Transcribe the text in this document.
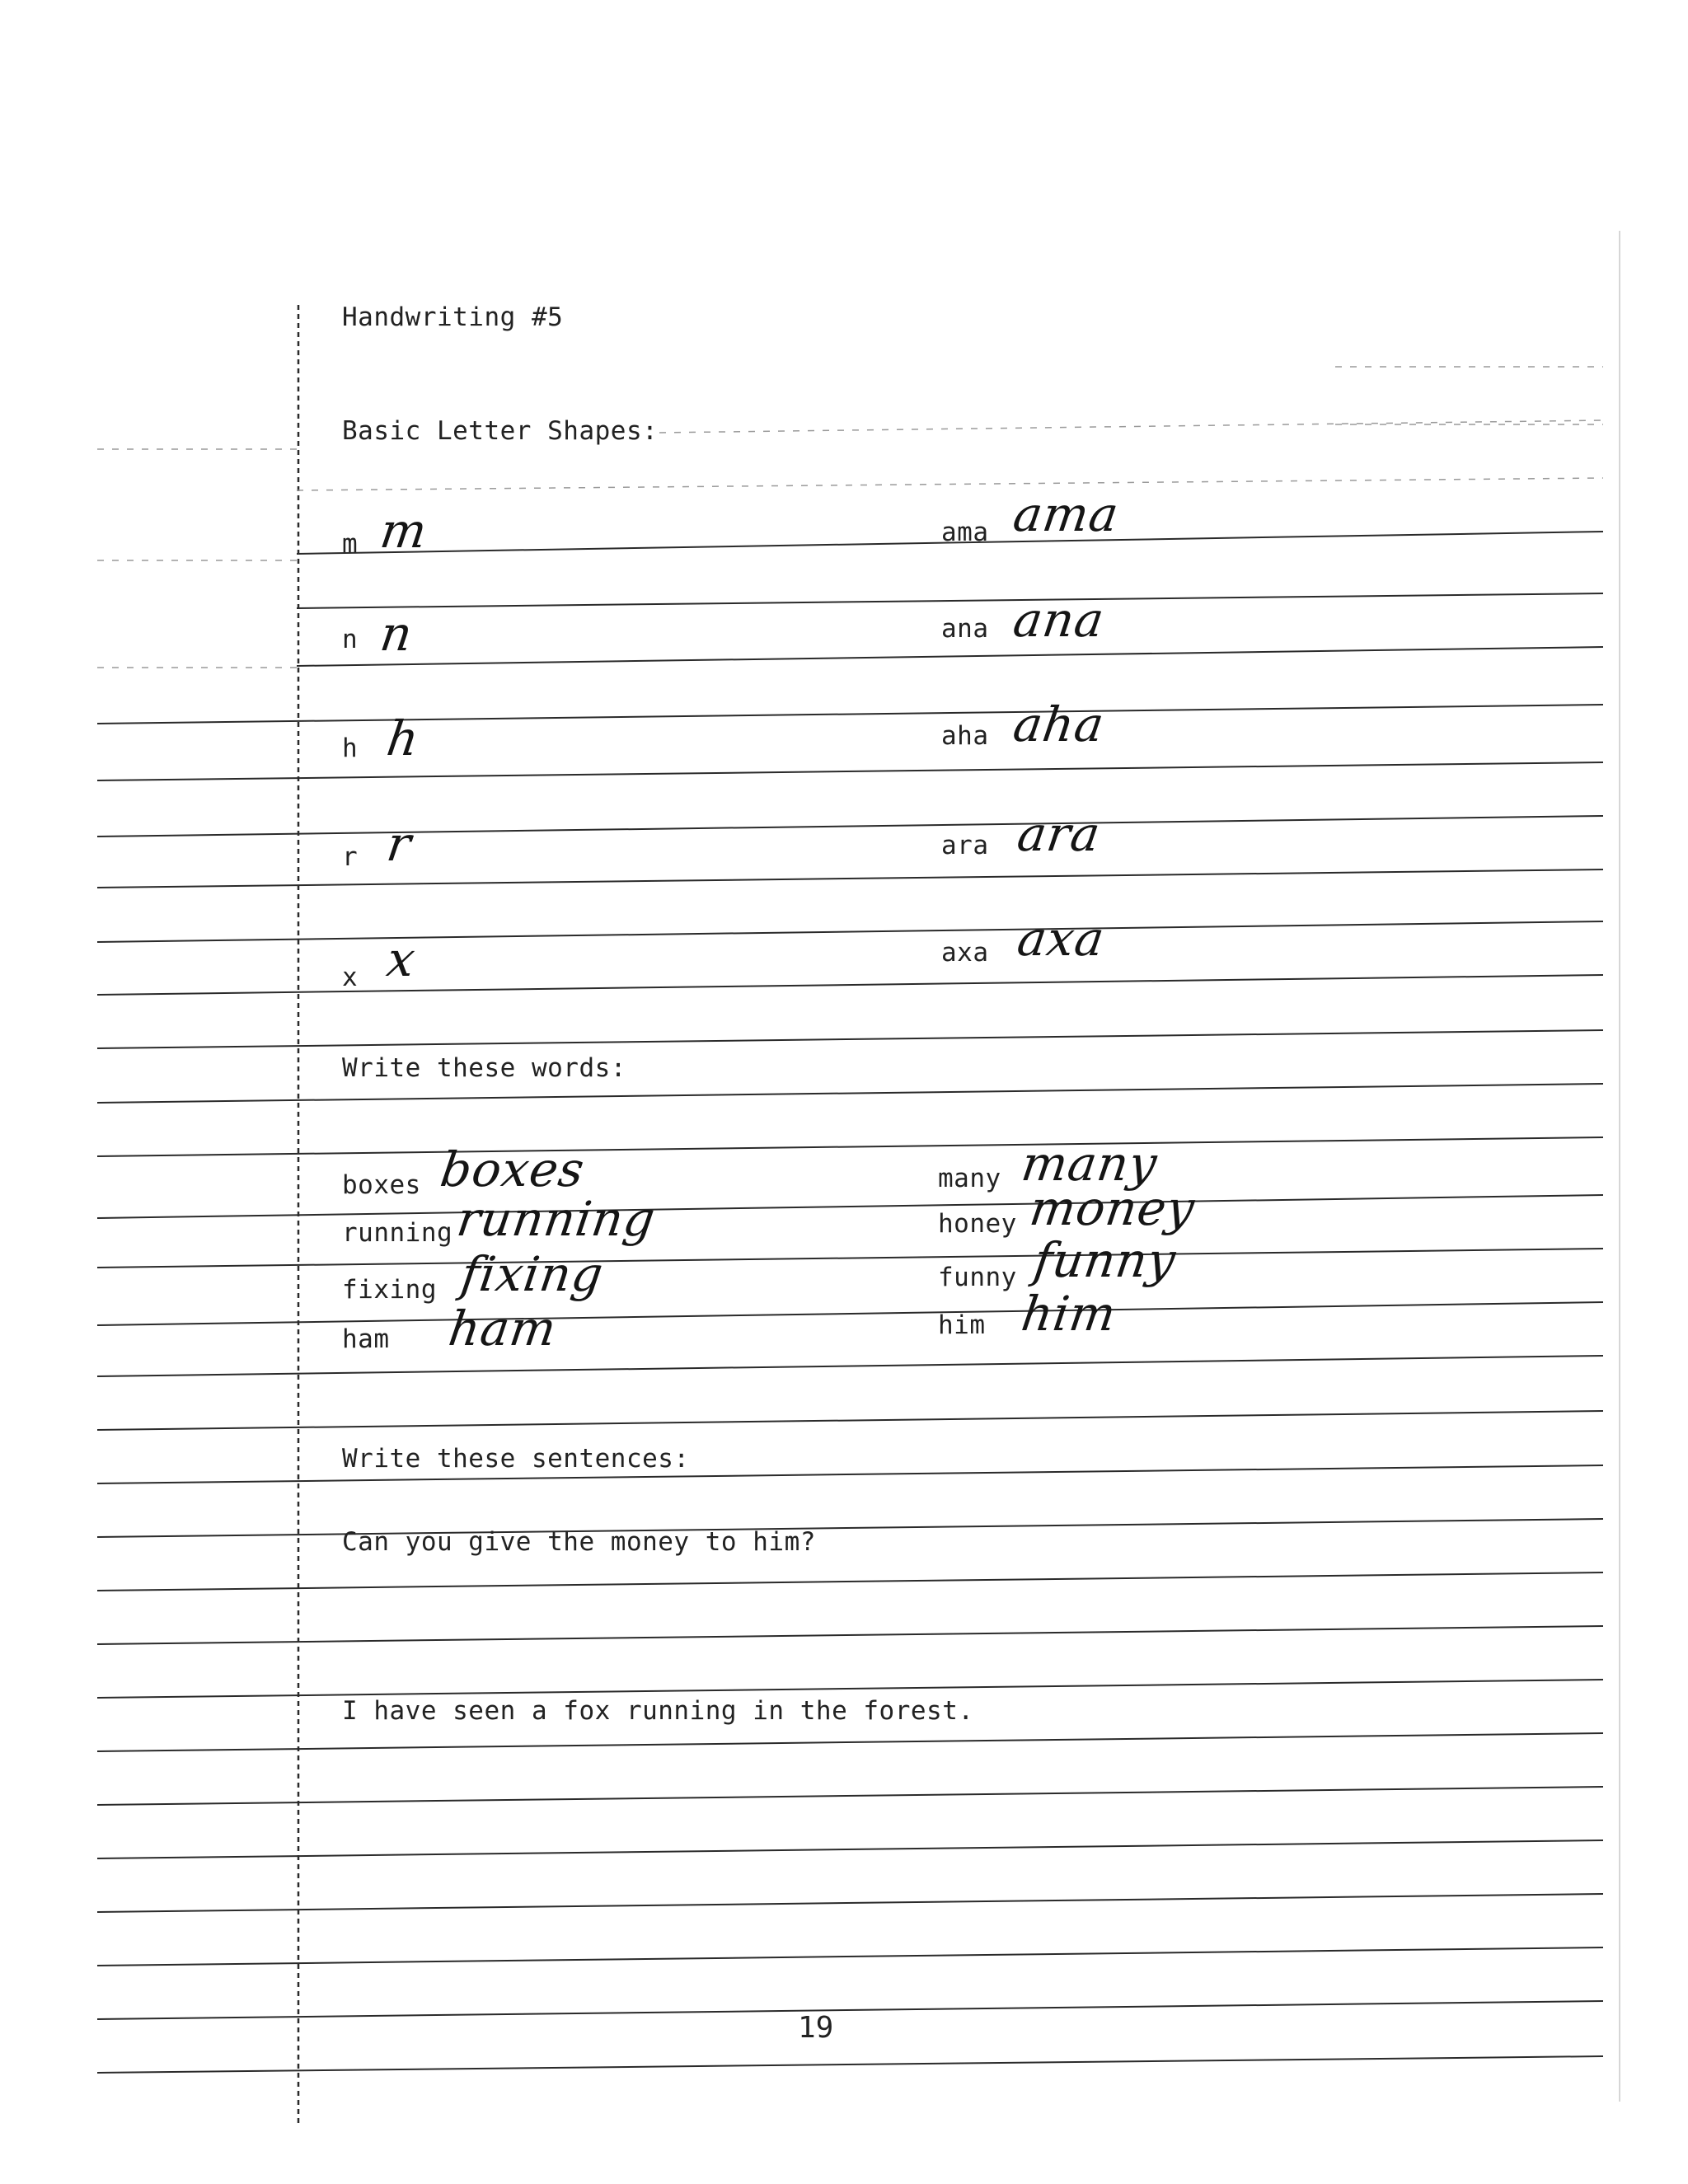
Handwriting #5
Basic Letter Shapes:
m m
n n
h h
r r
x x
ama ama
ana ana
aha aha
ara ara
axa axa
Write these words:
boxes boxes
running running
fixing fixing
ham ham
many many
honey money
funny funny
him him
Write these sentences:
Can you give the money to him?
I have seen a fox running in the forest.
19
